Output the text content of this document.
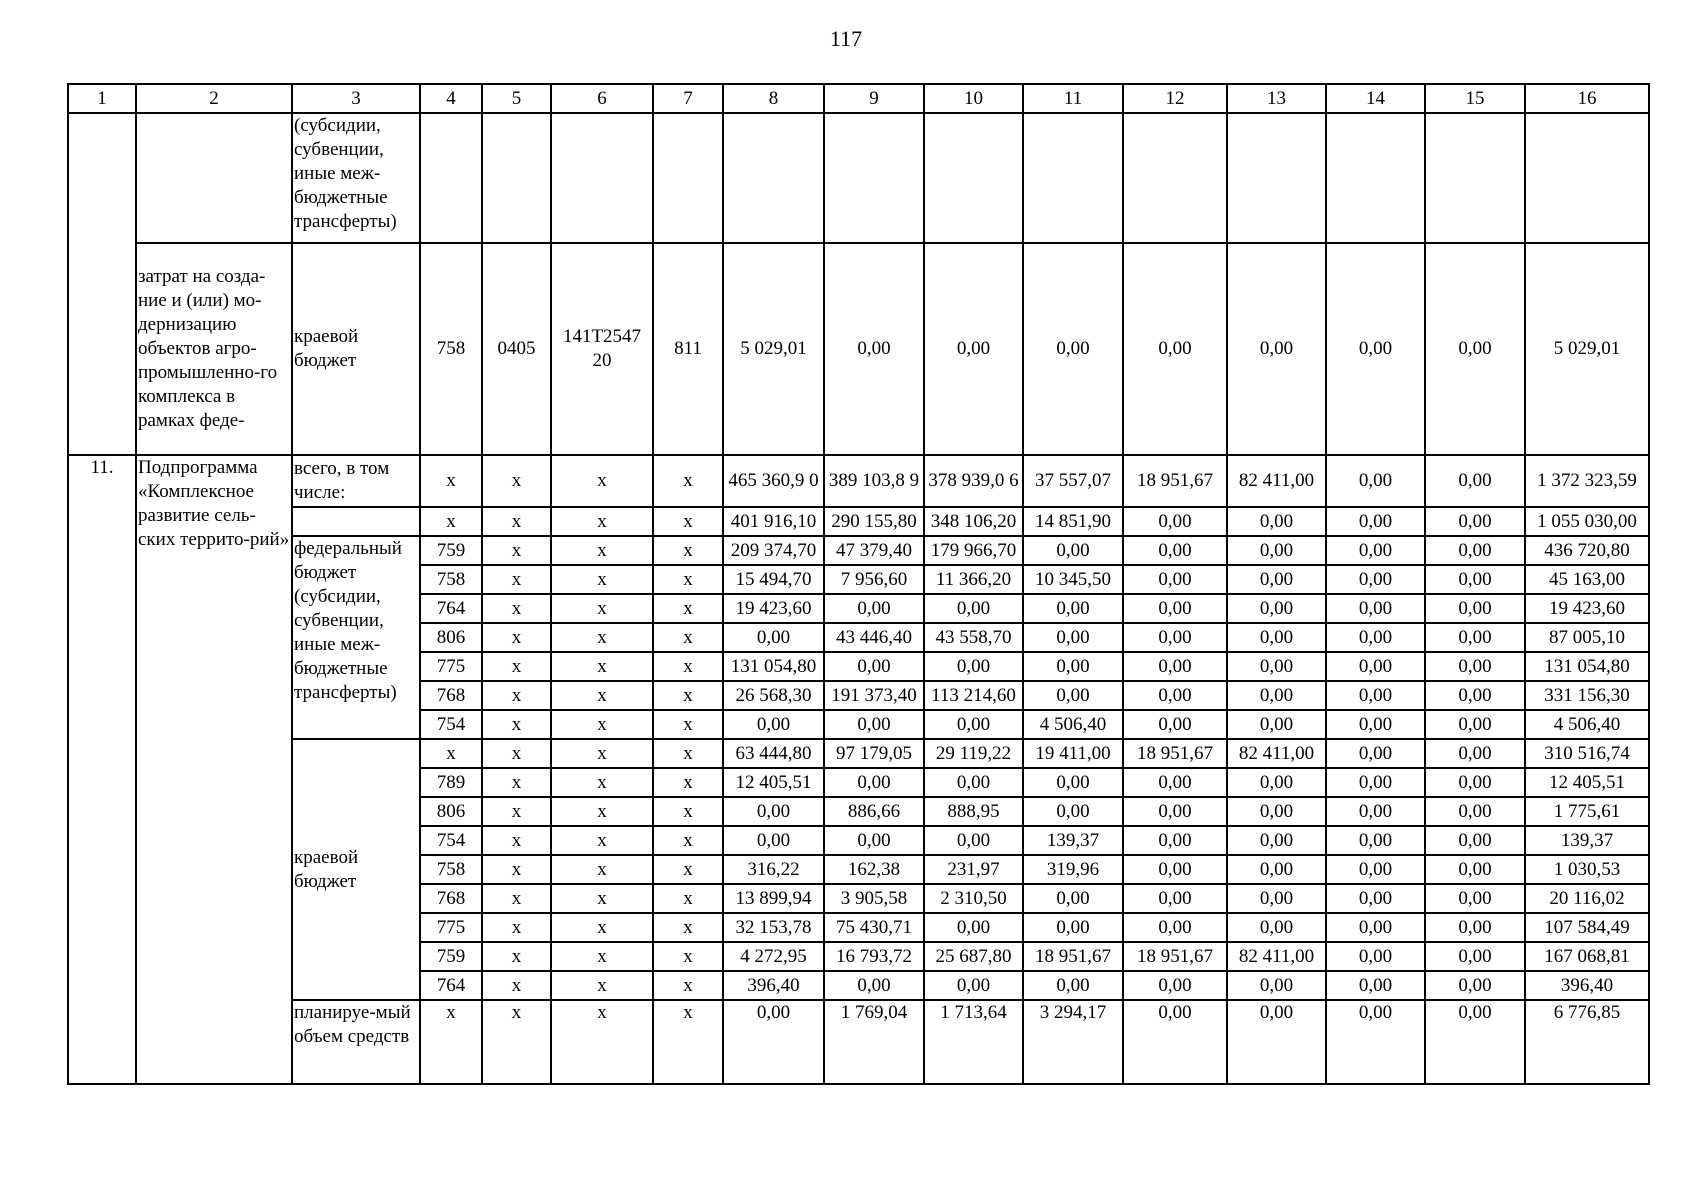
117
1	2	3	4	5	6	7	8	9	10	11	12	13	14	15	16
		(субсидии, субвенции, иные меж-бюджетные трансферты)													

	затрат на созда-ние и (или) мо-дернизацию объектов агро-промышленно-го комплекса в рамках феде-	краевой бюджет	758	0405	141T2547 20	811	5 029,01	0,00	0,00	0,00	0,00	0,00	0,00	0,00	5 029,01
11.	Подпрограмма «Комплексное развитие сель-ских террито-рий»	всего, в том числе:	x	x	x	x	465 360,9 0	389 103,8 9	378 939,0 6	37 557,07	18 951,67	82 411,00	0,00	0,00	1 372 323,59
			x	x	x	x	401 916,10	290 155,80	348 106,20	14 851,90	0,00	0,00	0,00	0,00	1 055 030,00
		федеральный бюджет (субсидии, субвенции, иные меж-бюджетные трансферты)	759	x	x	x	209 374,70	47 379,40	179 966,70	0,00	0,00	0,00	0,00	0,00	436 720,80
			758	x	x	x	15 494,70	7 956,60	11 366,20	10 345,50	0,00	0,00	0,00	0,00	45 163,00
			764	x	x	x	19 423,60	0,00	0,00	0,00	0,00	0,00	0,00	0,00	19 423,60
			806	x	x	x	0,00	43 446,40	43 558,70	0,00	0,00	0,00	0,00	0,00	87 005,10
			775	x	x	x	131 054,80	0,00	0,00	0,00	0,00	0,00	0,00	0,00	131 054,80
			768	x	x	x	26 568,30	191 373,40	113 214,60	0,00	0,00	0,00	0,00	0,00	331 156,30
			754	x	x	x	0,00	0,00	0,00	4 506,40	0,00	0,00	0,00	0,00	4 506,40
		краевой бюджет	x	x	x	x	63 444,80	97 179,05	29 119,22	19 411,00	18 951,67	82 411,00	0,00	0,00	310 516,74
			789	x	x	x	12 405,51	0,00	0,00	0,00	0,00	0,00	0,00	0,00	12 405,51
			806	x	x	x	0,00	886,66	888,95	0,00	0,00	0,00	0,00	0,00	1 775,61
			754	x	x	x	0,00	0,00	0,00	139,37	0,00	0,00	0,00	0,00	139,37
			758	x	x	x	316,22	162,38	231,97	319,96	0,00	0,00	0,00	0,00	1 030,53
			768	x	x	x	13 899,94	3 905,58	2 310,50	0,00	0,00	0,00	0,00	0,00	20 116,02
			775	x	x	x	32 153,78	75 430,71	0,00	0,00	0,00	0,00	0,00	0,00	107 584,49
			759	x	x	x	4 272,95	16 793,72	25 687,80	18 951,67	18 951,67	82 411,00	0,00	0,00	167 068,81
			764	x	x	x	396,40	0,00	0,00	0,00	0,00	0,00	0,00	0,00	396,40
		планируе-мый объем средств	x	x	x	x	0,00	1 769,04	1 713,64	3 294,17	0,00	0,00	0,00	0,00	6 776,85
